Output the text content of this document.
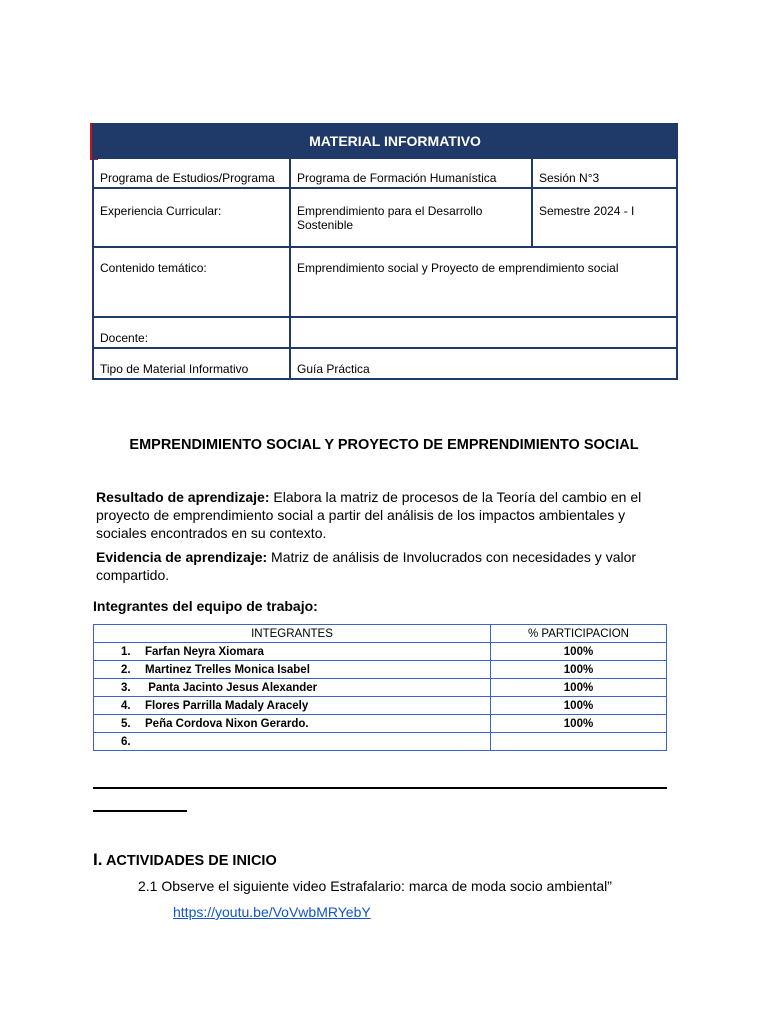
MATERIAL INFORMATIVO		
Programa de Estudios/Programa	Programa de Formación Humanística	Sesión N°3
Experiencia Curricular:	Emprendimiento para el Desarrollo Sostenible	Semestre 2024 - I
Contenido temático:	Emprendimiento social y Proyecto de emprendimiento social	
Docente:		
Tipo de Material Informativo	Guía Práctica	
EMPRENDIMIENTO SOCIAL Y PROYECTO DE EMPRENDIMIENTO SOCIAL

Resultado de aprendizaje: Elabora la matriz de procesos de la Teoría del cambio en el proyecto de emprendimiento social a partir del análisis de los impactos ambientales y sociales encontrados en su contexto.

Evidencia de aprendizaje: Matriz de análisis de Involucrados con necesidades y valor compartido.

Integrantes del equipo de trabajo:

INTEGRANTES	% PARTICIPACION
1. Farfan Neyra Xiomara	100%
2. Martinez Trelles Monica Isabel	100%
3. Panta Jacinto Jesus Alexander	100%
4. Flores Parrilla Madaly Aracely	100%
5. Peña Cordova Nixon Gerardo.	100%
6.	
I. ACTIVIDADES DE INICIO

2.1 Observe el siguiente video Estrafalario: marca de moda socio ambiental”

https://youtu.be/VoVwbMRYebY
